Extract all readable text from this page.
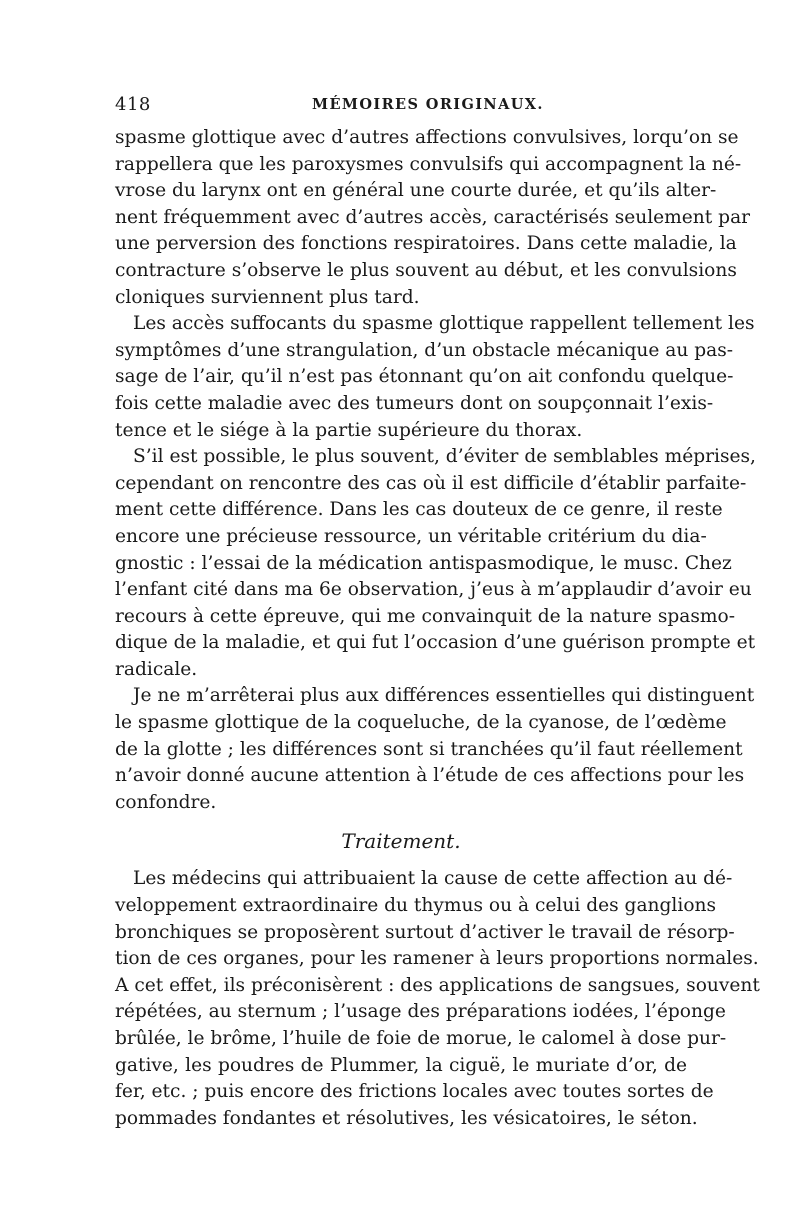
418	MÉMOIRES ORIGINAUX.
spasme glottique avec d’autres affections convulsives, lorqu’on se
rappellera que les paroxysmes convulsifs qui accompagnent la né-
vrose du larynx ont en général une courte durée, et qu’ils alter-
nent fréquemment avec d’autres accès, caractérisés seulement par
une perversion des fonctions respiratoires. Dans cette maladie, la
contracture s’observe le plus souvent au début, et les convulsions
cloniques surviennent plus tard.
Les accès suffocants du spasme glottique rappellent tellement les
symptômes d’une strangulation, d’un obstacle mécanique au pas-
sage de l’air, qu’il n’est pas étonnant qu’on ait confondu quelque-
fois cette maladie avec des tumeurs dont on soupçonnait l’exis-
tence et le siége à la partie supérieure du thorax.
S’il est possible, le plus souvent, d’éviter de semblables méprises,
cependant on rencontre des cas où il est difficile d’établir parfaite-
ment cette différence. Dans les cas douteux de ce genre, il reste
encore une précieuse ressource, un véritable critérium du dia-
gnostic : l’essai de la médication antispasmodique, le musc. Chez
l’enfant cité dans ma 6e observation, j’eus à m’applaudir d’avoir eu
recours à cette épreuve, qui me convainquit de la nature spasmo-
dique de la maladie, et qui fut l’occasion d’une guérison prompte et
radicale.
Je ne m’arrêterai plus aux différences essentielles qui distinguent
le spasme glottique de la coqueluche, de la cyanose, de l’œdème
de la glotte ; les différences sont si tranchées qu’il faut réellement
n’avoir donné aucune attention à l’étude de ces affections pour les
confondre.
Traitement.
Les médecins qui attribuaient la cause de cette affection au dé-
veloppement extraordinaire du thymus ou à celui des ganglions
bronchiques se proposèrent surtout d’activer le travail de résorp-
tion de ces organes, pour les ramener à leurs proportions normales.
A cet effet, ils préconisèrent : des applications de sangsues, souvent
répétées, au sternum ; l’usage des préparations iodées, l’éponge
brûlée, le brôme, l’huile de foie de morue, le calomel à dose pur-
gative, les poudres de Plummer, la ciguë, le muriate d’or, de
fer, etc. ; puis encore des frictions locales avec toutes sortes de
pommades fondantes et résolutives, les vésicatoires, le séton.
